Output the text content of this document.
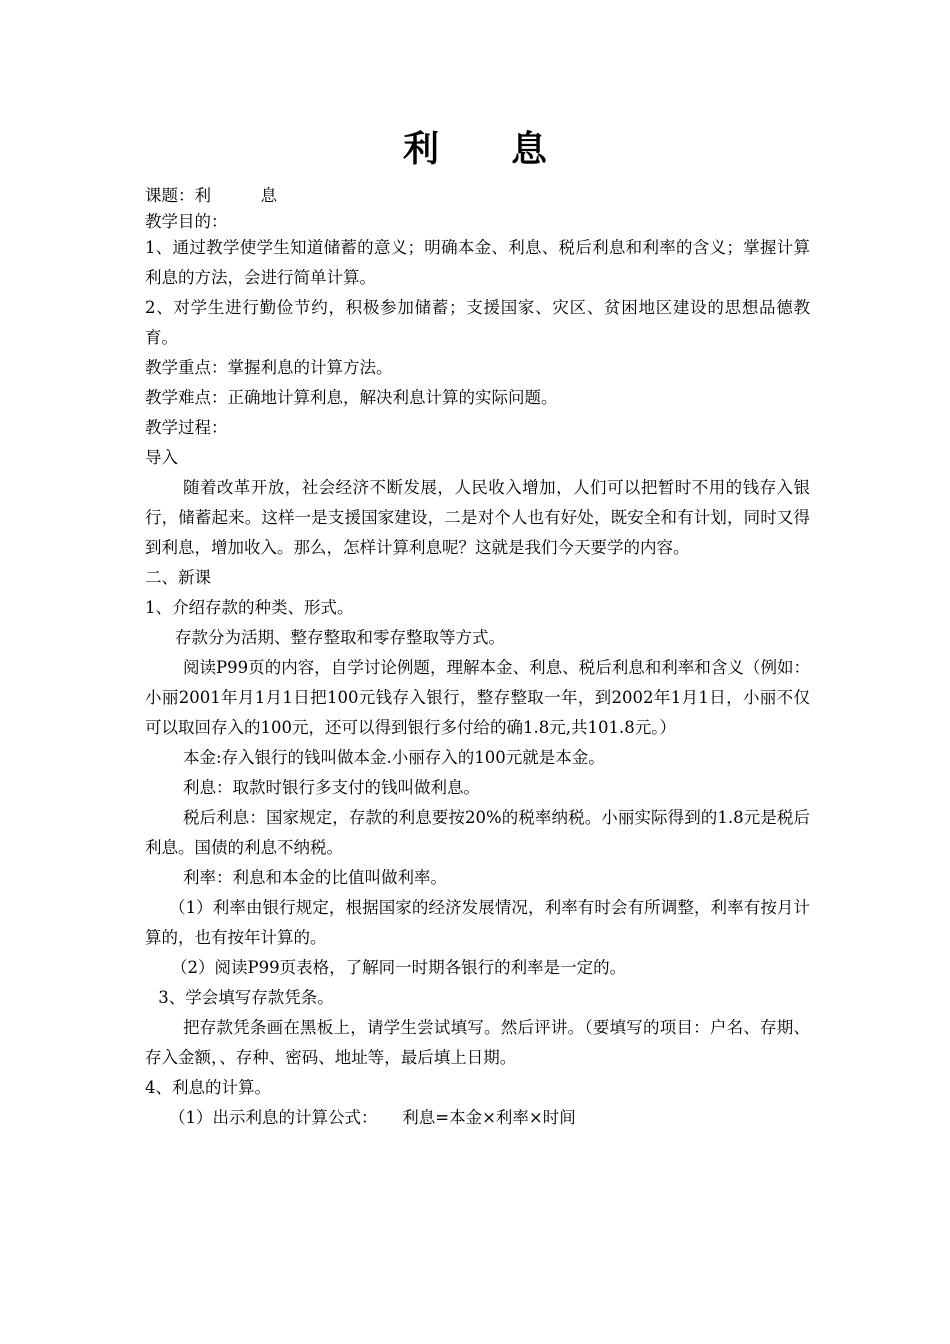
利　　息

课题：利　　　息

教学目的：

1、通过教学使学生知道储蓄的意义；明确本金、利息、税后利息和利率的含义；掌握计算利息的方法，会进行简单计算。

2、对学生进行勤俭节约，积极参加储蓄；支援国家、灾区、贫困地区建设的思想品德教育。

教学重点：掌握利息的计算方法。

教学难点：正确地计算利息，解决利息计算的实际问题。

教学过程：

导入

随着改革开放，社会经济不断发展，人民收入增加，人们可以把暂时不用的钱存入银行，储蓄起来。这样一是支援国家建设，二是对个人也有好处，既安全和有计划，同时又得到利息，增加收入。那么，怎样计算利息呢？这就是我们今天要学的内容。

二、新课

1、介绍存款的种类、形式。

存款分为活期、整存整取和零存整取等方式。

阅读P99页的内容，自学讨论例题，理解本金、利息、税后利息和利率和含义（例如：小丽2001年月1月1日把100元钱存入银行，整存整取一年，到2002年1月1日，小丽不仅可以取回存入的100元，还可以得到银行多付给的确1.8元,共101.8元。）

本金:存入银行的钱叫做本金.小丽存入的100元就是本金。

利息：取款时银行多支付的钱叫做利息。

税后利息：国家规定，存款的利息要按20%的税率纳税。小丽实际得到的1.8元是税后利息。国债的利息不纳税。

利率：利息和本金的比值叫做利率。

（1）利率由银行规定，根据国家的经济发展情况，利率有时会有所调整，利率有按月计算的，也有按年计算的。

（2）阅读P99页表格，了解同一时期各银行的利率是一定的。

3、学会填写存款凭条。

把存款凭条画在黑板上，请学生尝试填写。然后评讲。（要填写的项目：户名、存期、存入金额，、存种、密码、地址等，最后填上日期。

4、利息的计算。

（1）出示利息的计算公式：　　利息=本金×利率×时间
